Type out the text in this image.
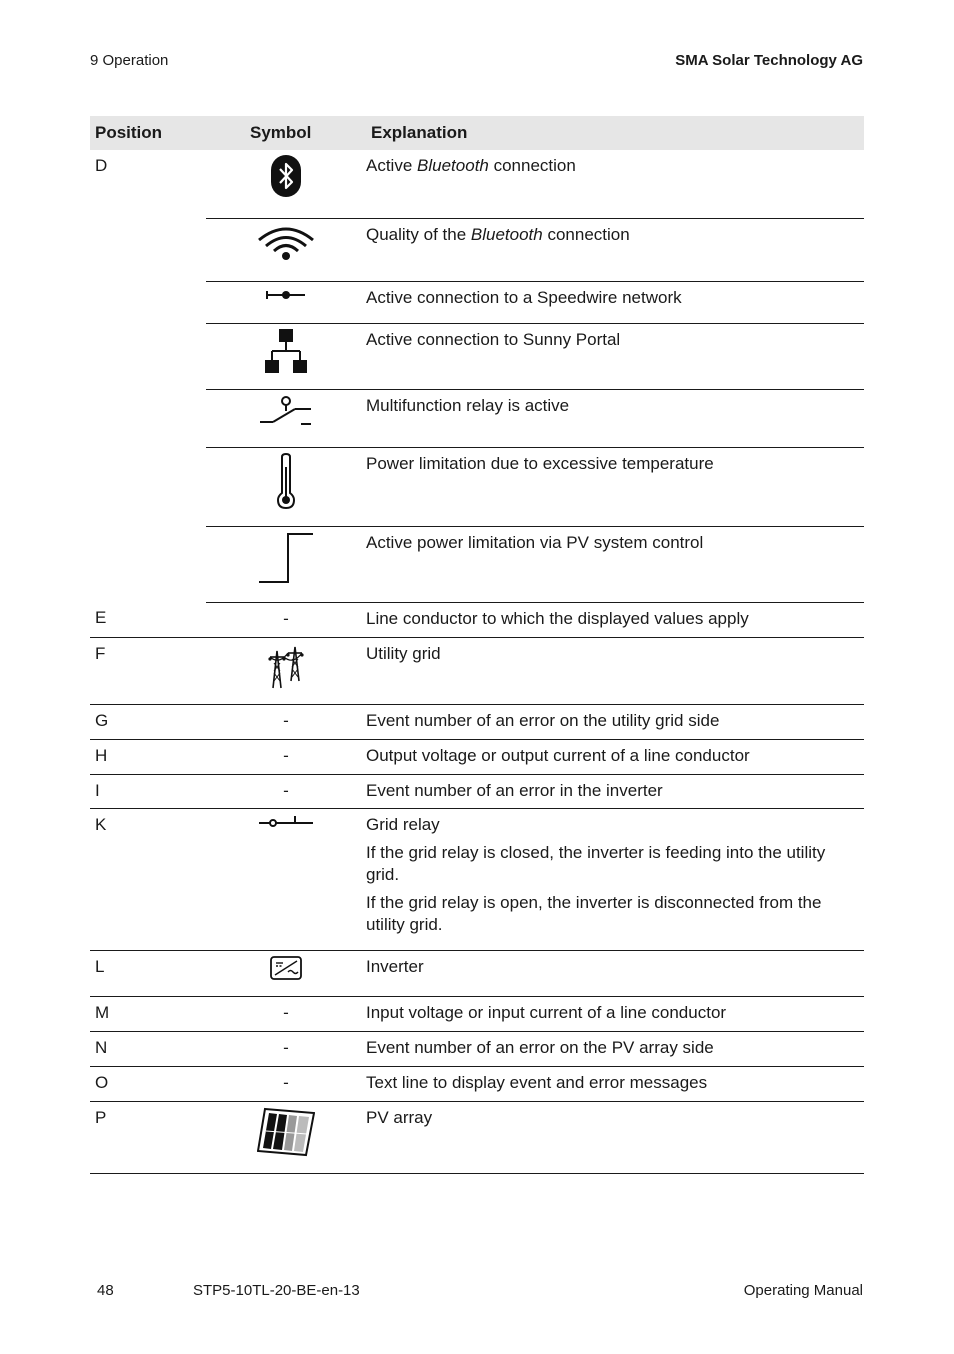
9 Operation	SMA Solar Technology AG
Position	Symbol	Explanation
D		Active Bluetooth connection

Quality of the Bluetooth connection

Active connection to a Speedwire network

Active connection to Sunny Portal

Multifunction relay is active

Power limitation due to excessive temperature

Active power limitation via PV system control

E	-	Line conductor to which the displayed values apply

F		Utility grid

G	-	Event number of an error on the utility grid side

H	-	Output voltage or output current of a line conductor

I	-	Event number of an error in the inverter

K		Grid relay

If the grid relay is closed, the inverter is feeding into the utility grid.

If the grid relay is open, the inverter is disconnected from the utility grid.

L		Inverter

M	-	Input voltage or input current of a line conductor

N	-	Event number of an error on the PV array side

O	-	Text line to display event and error messages

P		PV array

48	STP5-10TL-20-BE-en-13	Operating Manual
